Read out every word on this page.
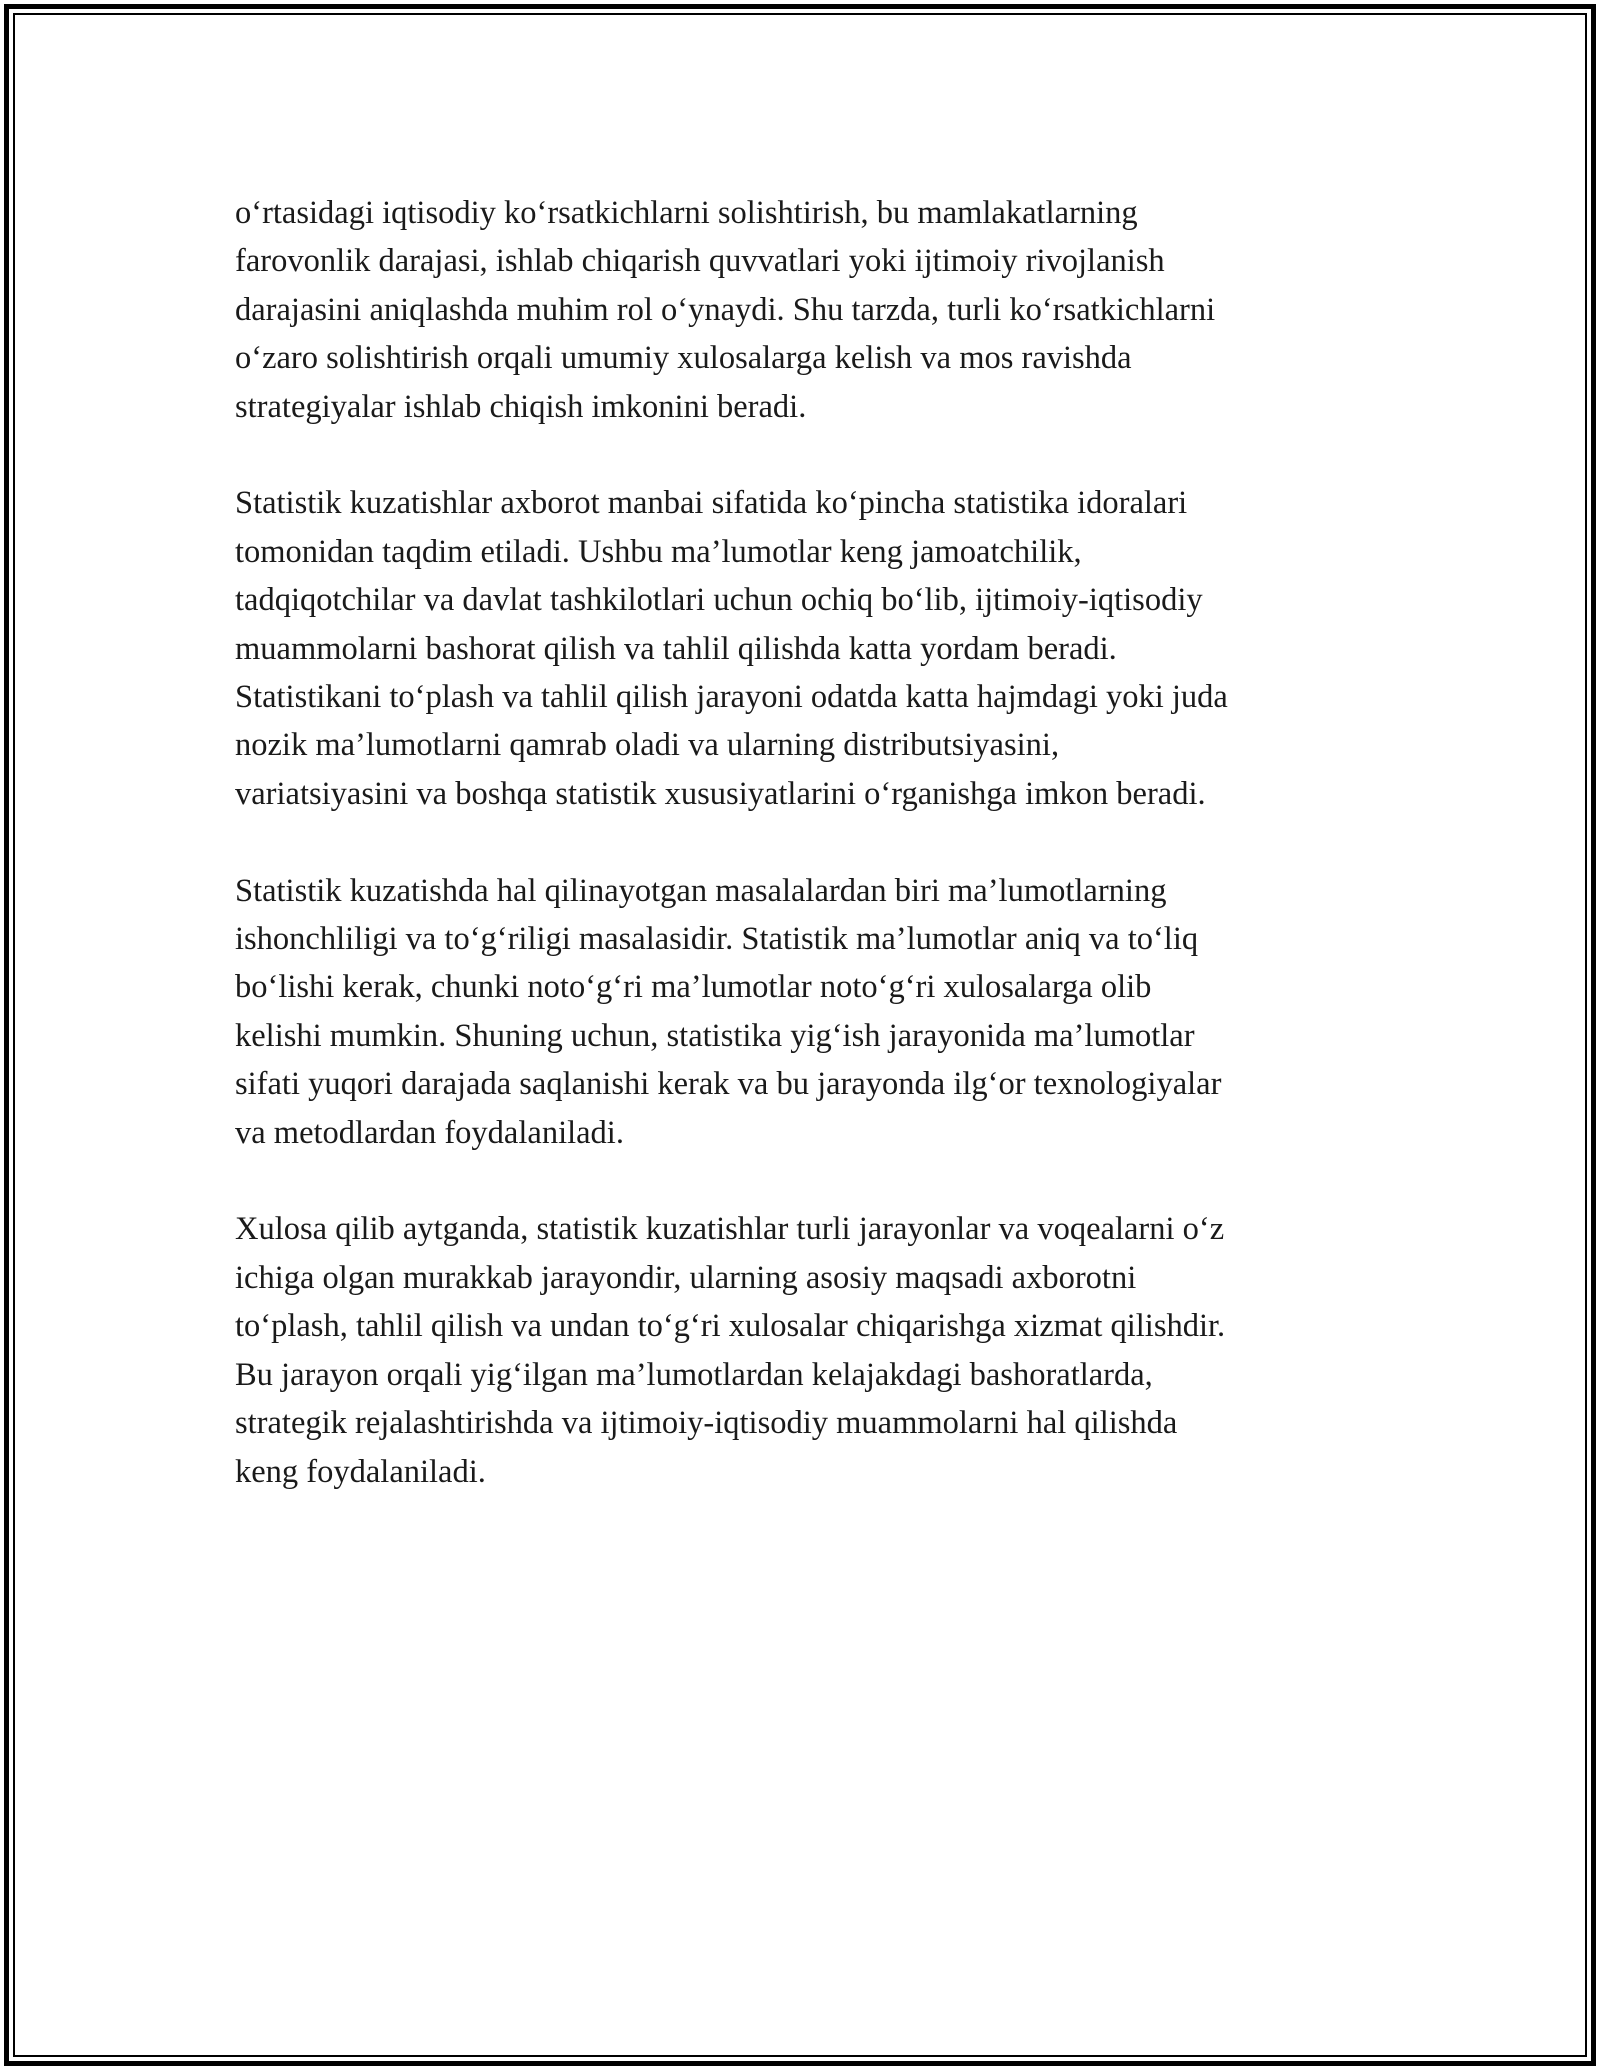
o‘rtasidagi iqtisodiy ko‘rsatkichlarni solishtirish, bu mamlakatlarning
farovonlik darajasi, ishlab chiqarish quvvatlari yoki ijtimoiy rivojlanish
darajasini aniqlashda muhim rol o‘ynaydi. Shu tarzda, turli ko‘rsatkichlarni
o‘zaro solishtirish orqali umumiy xulosalarga kelish va mos ravishda
strategiyalar ishlab chiqish imkonini beradi.

Statistik kuzatishlar axborot manbai sifatida ko‘pincha statistika idoralari
tomonidan taqdim etiladi. Ushbu ma’lumotlar keng jamoatchilik,
tadqiqotchilar va davlat tashkilotlari uchun ochiq bo‘lib, ijtimoiy-iqtisodiy
muammolarni bashorat qilish va tahlil qilishda katta yordam beradi.
Statistikani to‘plash va tahlil qilish jarayoni odatda katta hajmdagi yoki juda
nozik ma’lumotlarni qamrab oladi va ularning distributsiyasini,
variatsiyasini va boshqa statistik xususiyatlarini o‘rganishga imkon beradi.

Statistik kuzatishda hal qilinayotgan masalalardan biri ma’lumotlarning
ishonchliligi va to‘g‘riligi masalasidir. Statistik ma’lumotlar aniq va to‘liq
bo‘lishi kerak, chunki noto‘g‘ri ma’lumotlar noto‘g‘ri xulosalarga olib
kelishi mumkin. Shuning uchun, statistika yig‘ish jarayonida ma’lumotlar
sifati yuqori darajada saqlanishi kerak va bu jarayonda ilg‘or texnologiyalar
va metodlardan foydalaniladi.

Xulosa qilib aytganda, statistik kuzatishlar turli jarayonlar va voqealarni o‘z
ichiga olgan murakkab jarayondir, ularning asosiy maqsadi axborotni
to‘plash, tahlil qilish va undan to‘g‘ri xulosalar chiqarishga xizmat qilishdir.
Bu jarayon orqali yig‘ilgan ma’lumotlardan kelajakdagi bashoratlarda,
strategik rejalashtirishda va ijtimoiy-iqtisodiy muammolarni hal qilishda
keng foydalaniladi.
